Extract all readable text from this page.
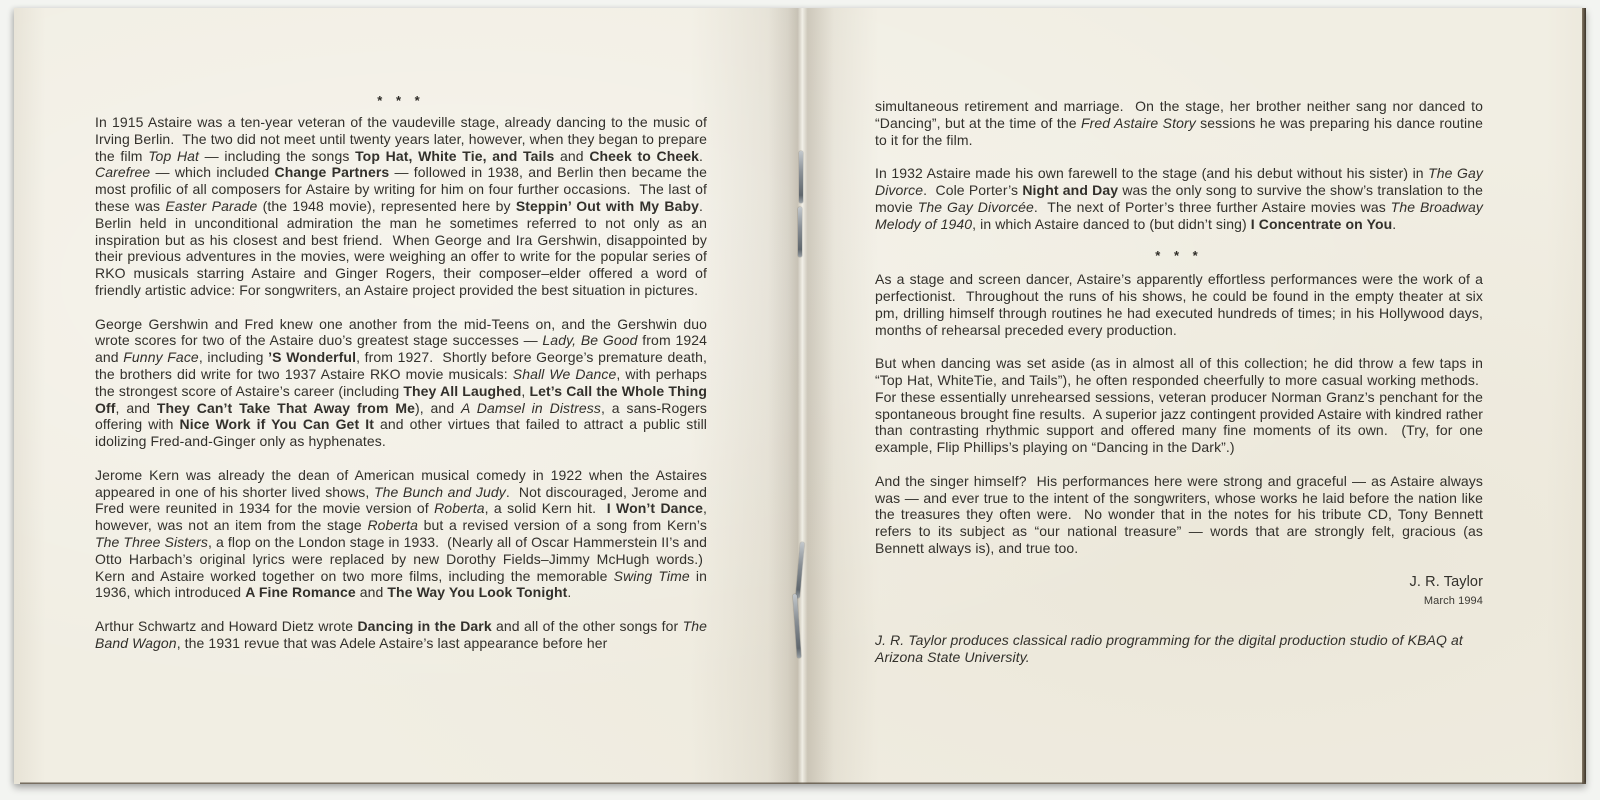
* * *

In 1915 Astaire was a ten-year veteran of the vaudeville stage, already dancing to the music of Irving Berlin.  The two did not meet until twenty years later, however, when they began to prepare the film Top Hat — including the songs Top Hat, White Tie, and Tails and Cheek to Cheek.  Carefree — which included Change Partners — followed in 1938, and Berlin then became the most profilic of all composers for Astaire by writing for him on four further occasions.  The last of these was Easter Parade (the 1948 movie), represented here by Steppin’ Out with My Baby.  Berlin held in unconditional admiration the man he sometimes referred to not only as an inspiration but as his closest and best friend.  When George and Ira Gershwin, disappointed by their previous adventures in the movies, were weighing an offer to write for the popular series of RKO musicals starring Astaire and Ginger Rogers, their composer–elder offered a word of friendly artistic advice: For songwriters, an Astaire project provided the best situation in pictures.

George Gershwin and Fred knew one another from the mid-Teens on, and the Gershwin duo wrote scores for two of the Astaire duo’s greatest stage successes — Lady, Be Good from 1924 and Funny Face, including ’S Wonderful, from 1927.  Shortly before George’s premature death, the brothers did write for two 1937 Astaire RKO movie musicals: Shall We Dance, with perhaps the strongest score of Astaire’s career (including They All Laughed, Let’s Call the Whole Thing Off, and They Can’t Take That Away from Me), and A Damsel in Distress, a sans-Rogers offering with Nice Work if You Can Get It and other virtues that failed to attract a public still idolizing Fred-and-Ginger only as hyphenates.

Jerome Kern was already the dean of American musical comedy in 1922 when the Astaires appeared in one of his shorter lived shows, The Bunch and Judy.  Not discouraged, Jerome and Fred were reunited in 1934 for the movie version of Roberta, a solid Kern hit.  I Won’t Dance, however, was not an item from the stage Roberta but a revised version of a song from Kern’s The Three Sisters, a flop on the London stage in 1933.  (Nearly all of Oscar Hammerstein II’s and Otto Harbach’s original lyrics were replaced by new Dorothy Fields–Jimmy McHugh words.)  Kern and Astaire worked together on two more films, including the memorable Swing Time in 1936, which introduced A Fine Romance and The Way You Look Tonight.

Arthur Schwartz and Howard Dietz wrote Dancing in the Dark and all of the other songs for The Band Wagon, the 1931 revue that was Adele Astaire’s last appearance before her

simultaneous retirement and marriage.  On the stage, her brother neither sang nor danced to “Dancing”, but at the time of the Fred Astaire Story sessions he was preparing his dance routine to it for the film.

In 1932 Astaire made his own farewell to the stage (and his debut without his sister) in The Gay Divorce.  Cole Porter’s Night and Day was the only song to survive the show’s translation to the movie The Gay Divorcée.  The next of Porter’s three further Astaire movies was The Broadway Melody of 1940, in which Astaire danced to (but didn’t sing) I Concentrate on You.

* * *

As a stage and screen dancer, Astaire’s apparently effortless performances were the work of a perfectionist.  Throughout the runs of his shows, he could be found in the empty theater at six pm, drilling himself through routines he had executed hundreds of times; in his Hollywood days, months of rehearsal preceded every production.

But when dancing was set aside (as in almost all of this collection; he did throw a few taps in “Top Hat, WhiteTie, and Tails”), he often responded cheerfully to more casual working methods.  For these essentially unrehearsed sessions, veteran producer Norman Granz’s penchant for the spontaneous brought fine results.  A superior jazz contingent provided Astaire with kindred rather than contrasting rhythmic support and offered many fine moments of its own.  (Try, for one example, Flip Phillips’s playing on “Dancing in the Dark”.)

And the singer himself?  His performances here were strong and graceful — as Astaire always was — and ever true to the intent of the songwriters, whose works he laid before the nation like the treasures they often were.  No wonder that in the notes for his tribute CD, Tony Bennett refers to its subject as “our national treasure” — words that are strongly felt, gracious (as Bennett always is), and true too.

J. R. Taylor
March 1994

J. R. Taylor produces classical radio programming for the digital production studio of KBAQ at Arizona State University.
